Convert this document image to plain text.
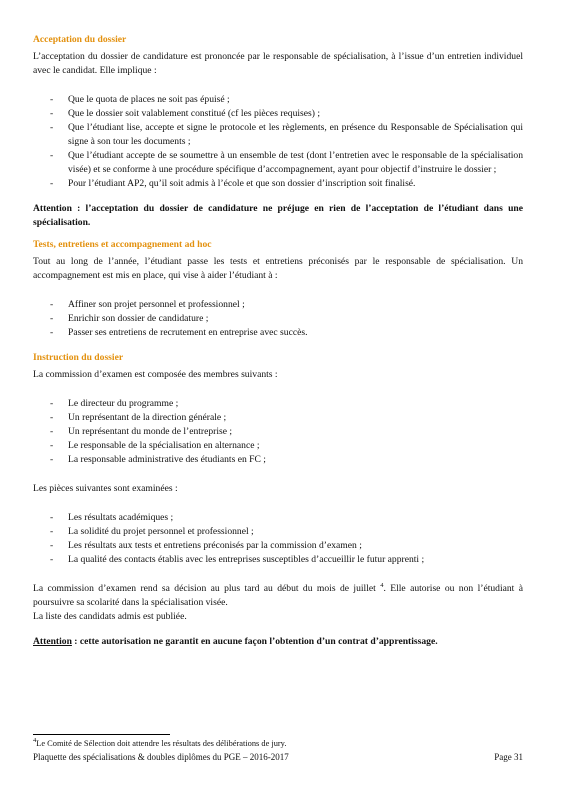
Acceptation du dossier

L’acceptation du dossier de candidature est prononcée par le responsable de spécialisation, à l’issue d’un entretien individuel avec le candidat. Elle implique :

- Que le quota de places ne soit pas épuisé ;
- Que le dossier soit valablement constitué (cf les pièces requises) ;
- Que l’étudiant lise, accepte et signe le protocole et les règlements, en présence du Responsable de Spécialisation qui signe à son tour les documents ;
- Que l’étudiant accepte de se soumettre à un ensemble de test (dont l’entretien avec le responsable de la spécialisation visée) et se conforme à une procédure spécifique d’accompagnement, ayant pour objectif d’instruire le dossier ;
- Pour l’étudiant AP2, qu’il soit admis à l’école et que son dossier d’inscription soit finalisé.

Attention : l’acceptation du dossier de candidature ne préjuge en rien de l’acceptation de l’étudiant dans une spécialisation.

Tests, entretiens et accompagnement ad hoc

Tout au long de l’année, l’étudiant passe les tests et entretiens préconisés par le responsable de spécialisation. Un accompagnement est mis en place, qui vise à aider l’étudiant à :

- Affiner son projet personnel et professionnel ;
- Enrichir son dossier de candidature ;
- Passer ses entretiens de recrutement en entreprise avec succès.
Instruction du dossier

La commission d’examen est composée des membres suivants :

- Le directeur du programme ;
- Un représentant de la direction générale ;
- Un représentant du monde de l’entreprise ;
- Le responsable de la spécialisation en alternance ;
- La responsable administrative des étudiants en FC ;

Les pièces suivantes sont examinées :

- Les résultats académiques ;
- La solidité du projet personnel et professionnel ;
- Les résultats aux tests et entretiens préconisés par la commission d’examen ;
- La qualité des contacts établis avec les entreprises susceptibles d’accueillir le futur apprenti ;

La commission d’examen rend sa décision au plus tard au début du mois de juillet $^4$. Elle autorise ou non l’étudiant à poursuivre sa scolarité dans la spécialisation visée.

La liste des candidats admis est publiée.

Attention : cette autorisation ne garantit en aucune façon l’obtention d’un contrat d’apprentissage.

$^4$Le Comité de Sélection doit attendre les résultats des délibérations de jury.
Plaquette des spécialisations & doubles diplômes du PGE – 2016-2017	Page 31
